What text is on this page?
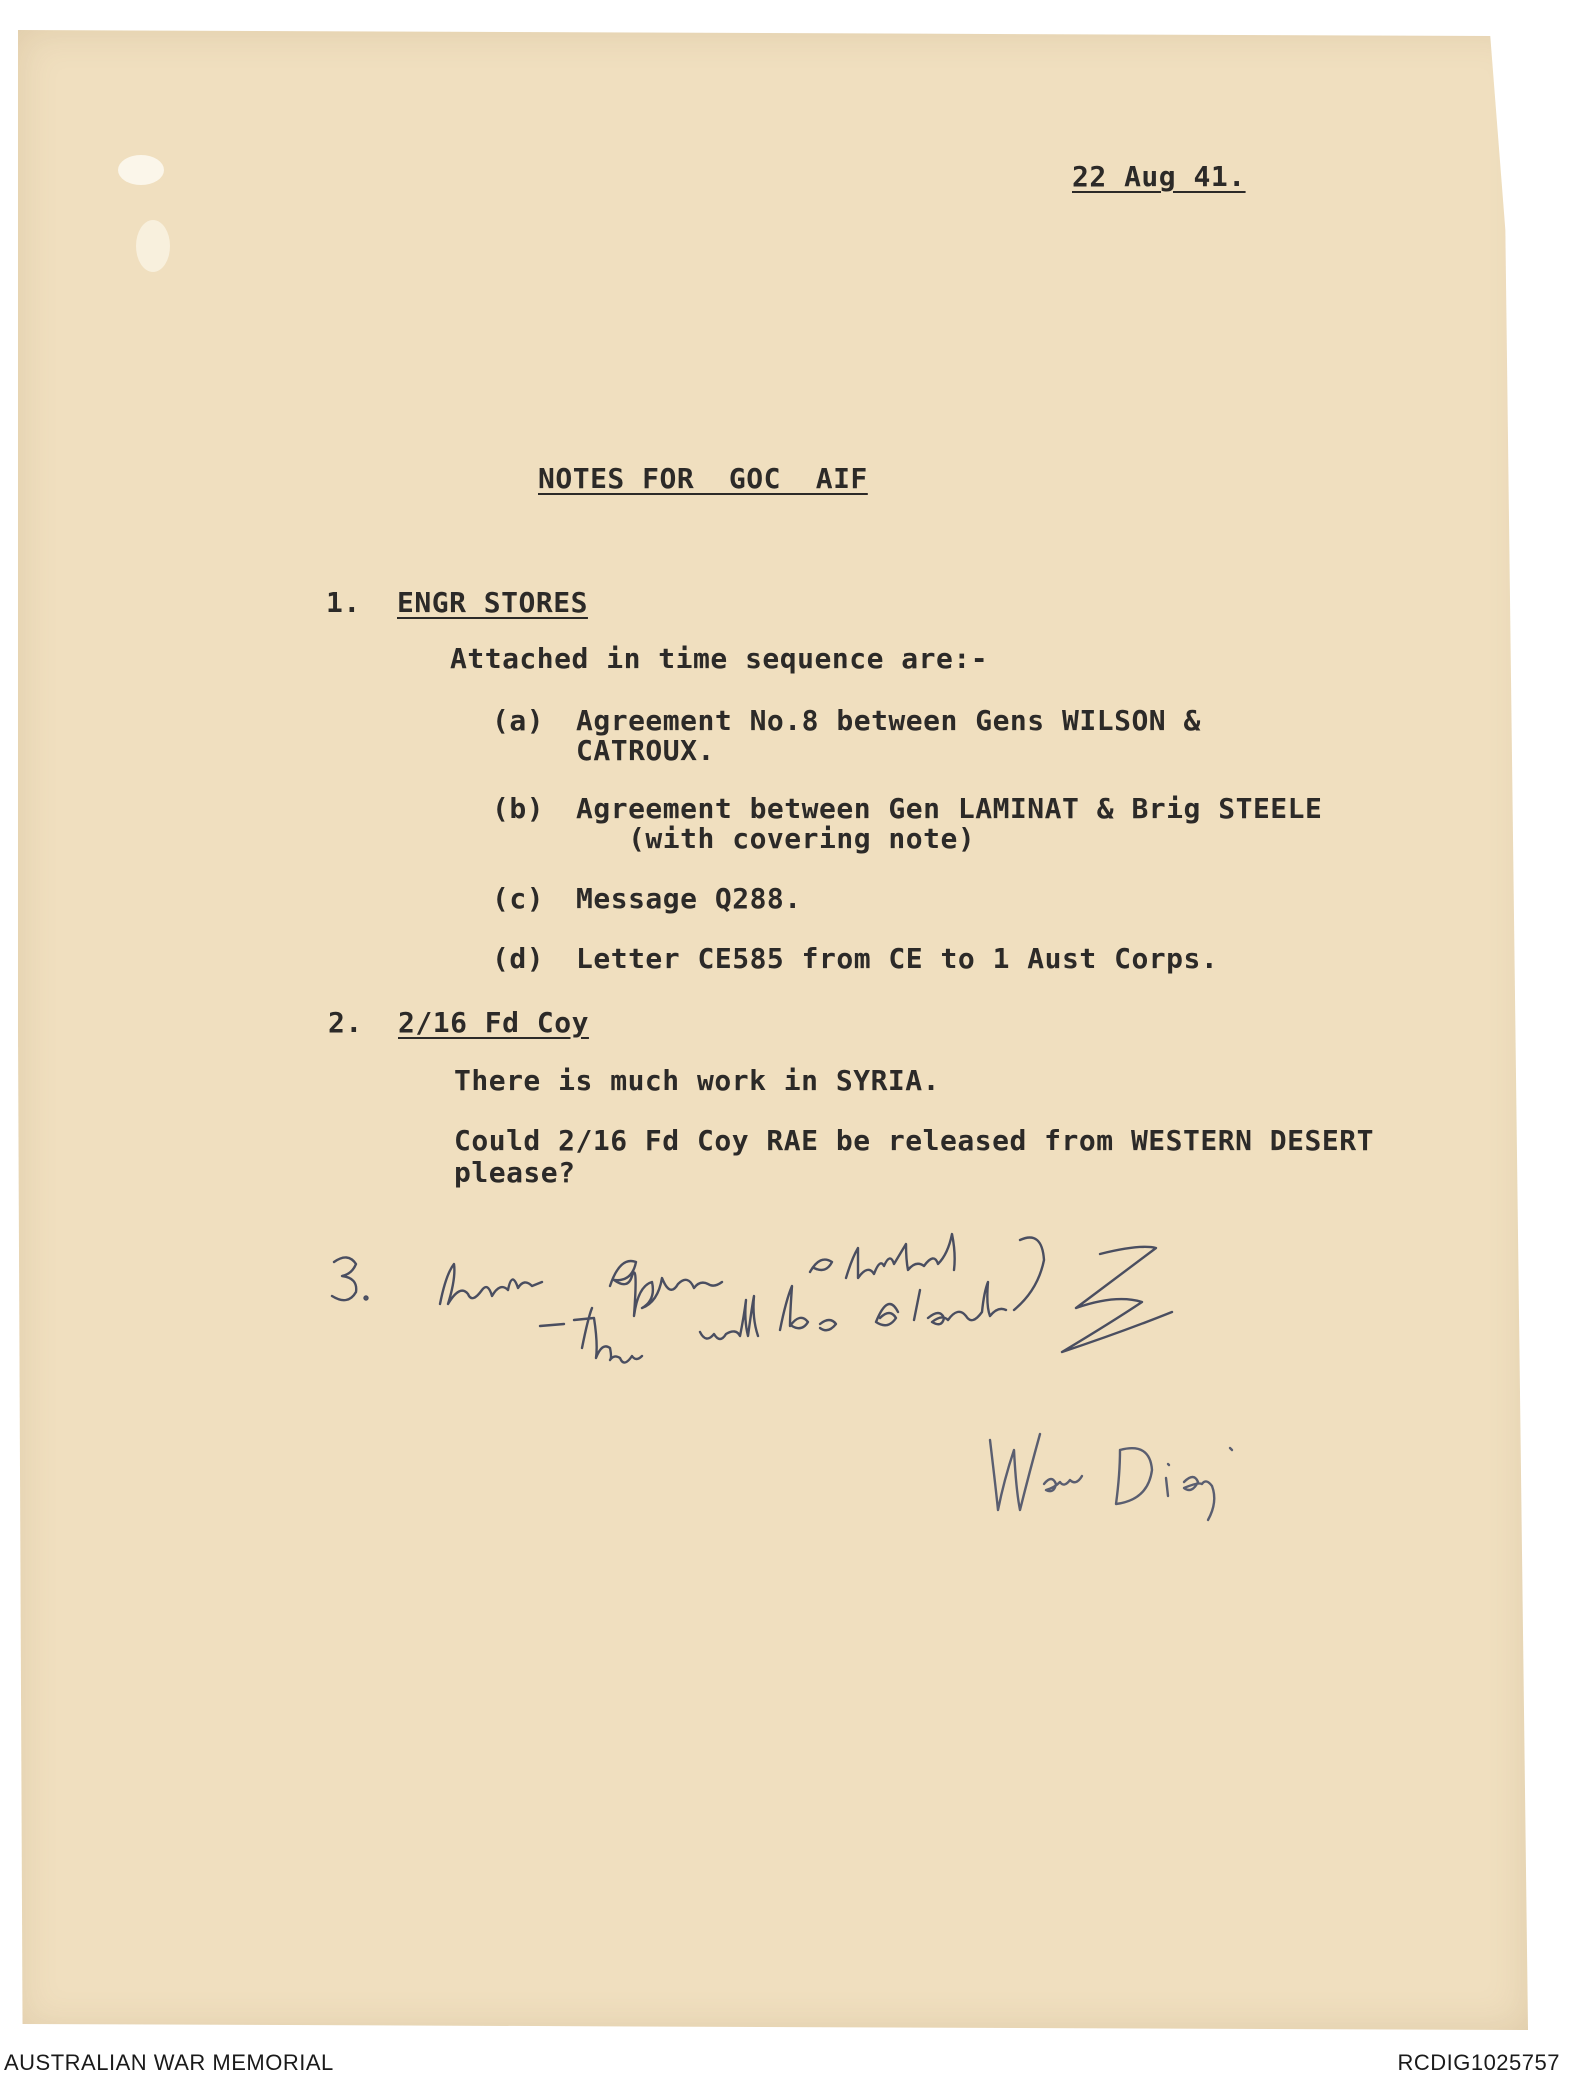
22 Aug 41.
NOTES FOR  GOC  AIF
1. ENGR STORES
Attached in time sequence are:-
(a) Agreement No.8 between Gens WILSON &
CATROUX.
(b) Agreement between Gen LAMINAT & Brig STEELE
(with covering note)
(c) Message Q288.
(d) Letter CE585 from CE to 1 Aust Corps.
2. 2/16 Fd Coy
There is much work in SYRIA.
Could 2/16 Fd Coy RAE be released from WESTERN DESERT
please?
AUSTRALIAN WAR MEMORIAL	RCDIG1025757
